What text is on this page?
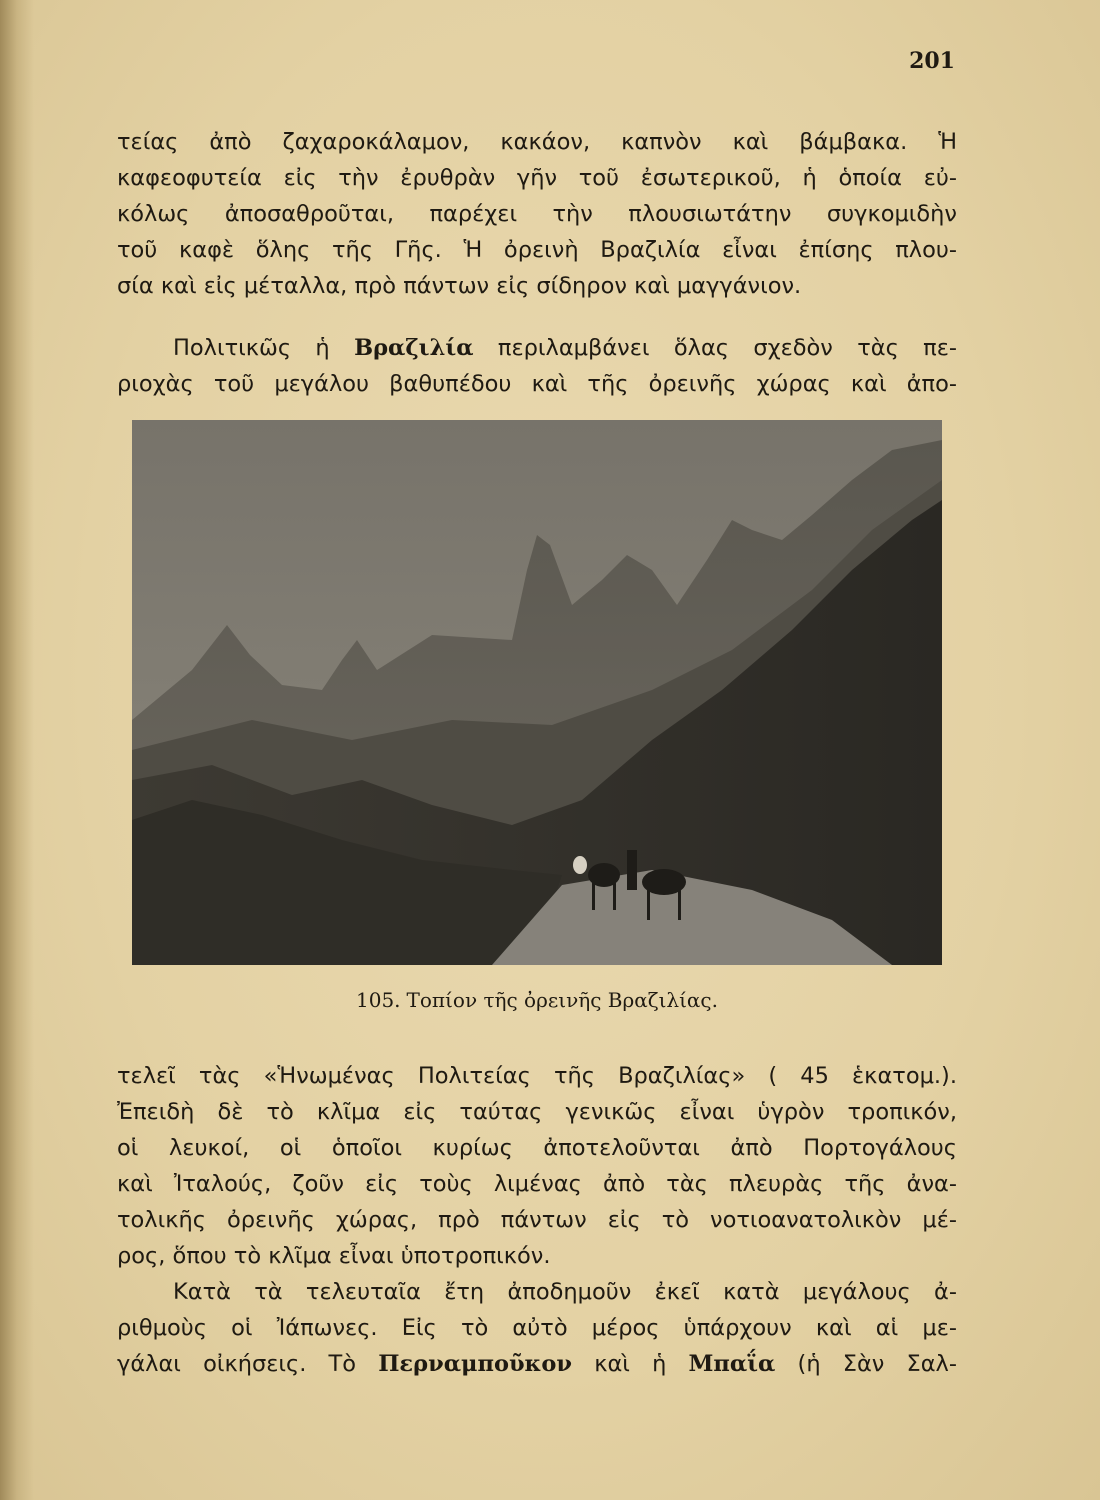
201
τείας ἀπὸ ζαχαροκάλαμον, κακάον, καπνὸν καὶ βάμβακα. Ἡ
καφεοφυτεία εἰς τὴν ἐρυθρὰν γῆν τοῦ ἐσωτερικοῦ, ἡ ὁποία εὐ-
κόλως ἀποσαθροῦται, παρέχει τὴν πλουσιωτάτην συγκομιδὴν
τοῦ καφὲ ὅλης τῆς Γῆς. Ἡ ὀρεινὴ Βραζιλία εἶναι ἐπίσης πλου-
σία καὶ εἰς μέταλλα, πρὸ πάντων εἰς σίδηρον καὶ μαγγάνιον.
Πολιτικῶς ἡ Βραζιλία περιλαμβάνει ὅλας σχεδὸν τὰς πε-
ριοχὰς τοῦ μεγάλου βαθυπέδου καὶ τῆς ὀρεινῆς χώρας καὶ ἀπο-
105. Τοπίον τῆς ὀρεινῆς Βραζιλίας.
τελεῖ τὰς «Ἡνωμένας Πολιτείας τῆς Βραζιλίας» ( 45 ἑκατομ.).
Ἐπειδὴ δὲ τὸ κλῖμα εἰς ταύτας γενικῶς εἶναι ὑγρὸν τροπικόν,
οἱ λευκοί, οἱ ὁποῖοι κυρίως ἀποτελοῦνται ἀπὸ Πορτογάλους
καὶ Ἰταλούς, ζοῦν εἰς τοὺς λιμένας ἀπὸ τὰς πλευρὰς τῆς ἀνα-
τολικῆς ὀρεινῆς χώρας, πρὸ πάντων εἰς τὸ νοτιοανατολικὸν μέ-
ρος, ὅπου τὸ κλῖμα εἶναι ὑποτροπικόν.
Κατὰ τὰ τελευταῖα ἔτη ἀποδημοῦν ἐκεῖ κατὰ μεγάλους ἀ-
ριθμοὺς οἱ Ἰάπωνες. Εἰς τὸ αὐτὸ μέρος ὑπάρχουν καὶ αἱ με-
γάλαι οἰκήσεις. Τὸ Περναμποῦκον καὶ ἡ Μπαΐα (ἡ Σὰν Σαλ-
